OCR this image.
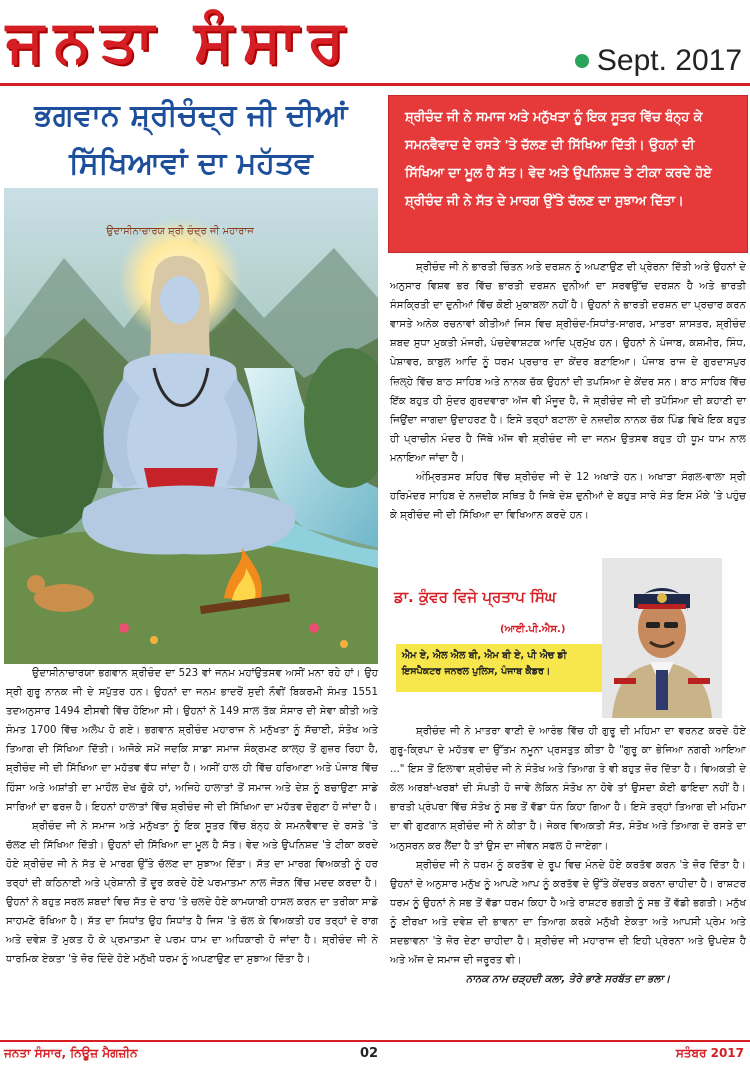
ਜਨਤਾ ਸੰਸਾਰ	Sept. 2017
ਭਗਵਾਨ ਸ਼੍ਰੀਚੰਦ੍ਰ ਜੀ ਦੀਆਂ
ਸਿੱਖਿਆਵਾਂ ਦਾ ਮਹੱਤਵ
ਉਦਾਸੀਨਾਚਾਰਯ ਸ਼੍ਰੀ ਚੰਦ੍ਰ ਜੀ ਮਹਾਰਾਜ
ਸ਼੍ਰੀਚੰਦ ਜੀ ਨੇ ਸਮਾਜ ਅਤੇ ਮਨੁੱਖਤਾ ਨੂੰ ਇਕ ਸੂਤਰ ਵਿੱਚ ਬੰਨ੍ਹ ਕੇ ਸਮਨਵੈਵਾਦ ਦੇ ਰਸਤੇ 'ਤੇ ਚੱਲਣ ਦੀ ਸਿੱਖਿਆ ਦਿੱਤੀ। ਉਹਨਾਂ ਦੀ ਸਿੱਖਿਆ ਦਾ ਮੂਲ ਹੈ ਸੱਤ। ਵੇਦ ਅਤੇ ਉਪਨਿਸ਼ਦ ਤੇ ਟੀਕਾ ਕਰਦੇ ਹੋਏ ਸ਼੍ਰੀਚੰਦ ਜੀ ਨੇ ਸੱਤ ਦੇ ਮਾਰਗ ਉੱਤੇ ਚੱਲਣ ਦਾ ਸੁਝਾਅ ਦਿੱਤਾ।

ਸ਼੍ਰੀਚੰਦ ਜੀ ਨੇ ਭਾਰਤੀ ਚਿੰਤਨ ਅਤੇ ਦਰਸ਼ਨ ਨੂੰ ਅਪਣਾਉਣ ਦੀ ਪ੍ਰੇਰਨਾ ਦਿੱਤੀ ਅਤੇ ਉਹਨਾਂ ਦੇ ਅਨੁਸਾਰ ਵਿਸ਼ਵ ਭਰ ਵਿੱਚ ਭਾਰਤੀ ਦਰਸ਼ਨ ਦੁਨੀਆਂ ਦਾ ਸਰਵਉੱਚ ਦਰਸ਼ਨ ਹੈ ਅਤੇ ਭਾਰਤੀ ਸੰਸਕ੍ਰਿਤੀ ਦਾ ਦੁਨੀਆਂ ਵਿੱਚ ਕੋਈ ਮੁਕਾਬਲਾ ਨਹੀਂ ਹੈ। ਉਹਨਾਂ ਨੇ ਭਾਰਤੀ ਦਰਸ਼ਨ ਦਾ ਪ੍ਰਚਾਰ ਕਰਨ ਵਾਸਤੇ ਅਨੇਕ ਰਚਨਾਵਾਂ ਕੀਤੀਆਂ ਜਿਸ ਵਿਚ ਸ਼੍ਰੀਚੰਦ-ਸਿਧਾਂਤ-ਸਾਗਰ, ਮਾਤਰਾ ਸ਼ਾਸਤਰ, ਸ਼੍ਰੀਚੰਦ ਸ਼ਬਦ ਸੁਧਾ ਮੁਕਤੀ ਮੰਜਰੀ, ਪੰਚਦੇਵਾਸ਼ਟਕ ਆਦਿ ਪ੍ਰਮੁੱਖ ਹਨ। ਉਹਨਾਂ ਨੇ ਪੰਜਾਬ, ਕਸ਼ਮੀਰ, ਸਿੰਧ, ਪੇਸ਼ਾਵਰ, ਕਾਬੁਲ ਆਦਿ ਨੂੰ ਧਰਮ ਪ੍ਰਚਾਰ ਦਾ ਕੇਂਦਰ ਬਣਾਇਆ। ਪੰਜਾਬ ਰਾਜ ਦੇ ਗੁਰਦਾਸਪੁਰ ਜ਼ਿਲ੍ਹੇ ਵਿੱਚ ਬਾਠ ਸਾਹਿਬ ਅਤੇ ਨਾਨਕ ਚੱਕ ਉਹਨਾਂ ਦੀ ਤਪਸਿਆ ਦੇ ਕੇਂਦਰ ਸਨ। ਬਾਠ ਸਾਹਿਬ ਵਿੱਚ ਇੱਕ ਬਹੁਤ ਹੀ ਸੁੰਦਰ ਗੁਰਦਵਾਰਾ ਅੱਜ ਵੀ ਮੌਜੂਦ ਹੈ, ਜੋ ਸ਼੍ਰੀਚੰਦ ਜੀ ਦੀ ਤਪੱਸਿਆ ਦੀ ਕਹਾਣੀ ਦਾ ਜਿਉਂਦਾ ਜਾਗਦਾ ਉਦਾਹਰਣ ਹੈ। ਇਸੇ ਤਰ੍ਹਾਂ ਬਟਾਲਾ ਦੇ ਨਜ਼ਦੀਕ ਨਾਨਕ ਚੱਕ ਪਿੰਡ ਵਿਖੇ ਇਕ ਬਹੁਤ ਹੀ ਪ੍ਰਾਚੀਨ ਮੰਦਰ ਹੈ ਜਿੱਥੇ ਅੱਜ ਵੀ ਸ਼੍ਰੀਚੰਦ ਜੀ ਦਾ ਜਨਮ ਉਤਸਵ ਬਹੁਤ ਹੀ ਧੂਮ ਧਾਮ ਨਾਲ ਮਨਾਇਆ ਜਾਂਦਾ ਹੈ।

ਅੰਮ੍ਰਿਤਸਰ ਸ਼ਹਿਰ ਵਿੱਚ ਸ਼੍ਰੀਚੰਦ ਜੀ ਦੇ 12 ਅਖਾੜੇ ਹਨ। ਅਖਾੜਾ ਸੰਗਲ-ਵਾਲਾ ਸ੍ਰੀ ਹਰਿਮੰਦਰ ਸਾਹਿਬ ਦੇ ਨਜ਼ਦੀਕ ਸਥਿਤ ਹੈ ਜਿਥੇ ਦੇਸ਼ ਦੁਨੀਆਂ ਦੇ ਬਹੁਤ ਸਾਰੇ ਸੰਤ ਇਸ ਮੌਕੇ 'ਤੇ ਪਹੁੰਚ ਕੇ ਸ਼੍ਰੀਚੰਦ ਜੀ ਦੀ ਸਿੱਖਿਆ ਦਾ ਵਿਖਿਆਨ ਕਰਦੇ ਹਨ।

ਡਾ. ਕੁੰਵਰ ਵਿਜੇ ਪ੍ਰਤਾਪ ਸਿੰਘ
(ਆਈ.ਪੀ.ਐਸ.)
ਐਮ ਏ, ਐਲ ਐਲ ਬੀ, ਐਮ ਬੀ ਏ, ਪੀ ਐਚ ਡੀ
ਇਸਪੈਕਟਰ ਜਨਰਲ ਪੁਲਿਸ, ਪੰਜਾਬ ਕੈਡਰ।

ਉਦਾਸੀਨਾਚਾਰਯਾ ਭਗਵਾਨ ਸ਼੍ਰੀਚੰਦ ਦਾ 523 ਵਾਂ ਜਨਮ ਮਹਾਂਉਤਸਵ ਅਸੀਂ ਮਨਾ ਰਹੇ ਹਾਂ। ਉਹ ਸ੍ਰੀ ਗੁਰੂ ਨਾਨਕ ਜੀ ਦੇ ਸਪੁੱਤਰ ਹਨ। ਉਹਨਾਂ ਦਾ ਜਨਮ ਭਾਦਰੋਂ ਸੁਦੀ ਨੌਵੀਂ ਬਿਕਰਮੀ ਸੰਮਤ 1551 ਤਦਅਨੁਸਾਰ 1494 ਈਸਵੀ ਵਿੱਚ ਹੋਇਆ ਸੀ। ਉਹਨਾਂ ਨੇ 149 ਸਾਲ ਤੱਕ ਸੰਸਾਰ ਦੀ ਸੇਵਾ ਕੀਤੀ ਅਤੇ ਸੰਮਤ 1700 ਵਿੱਚ ਅਲੋਪ ਹੋ ਗਏ। ਭਗਵਾਨ ਸ਼੍ਰੀਚੰਦ ਮਹਾਰਾਜ ਨੇ ਮਨੁੱਖਤਾ ਨੂੰ ਸੱਚਾਈ, ਸੰਤੋਖ ਅਤੇ ਤਿਆਗ ਦੀ ਸਿੱਖਿਆ ਦਿੱਤੀ। ਅਜੋਕੇ ਸਮੇਂ ਜਦਕਿ ਸਾਡਾ ਸਮਾਜ ਸੰਕ੍ਰਮਣ ਕਾਲ੍ਹ ਤੋਂ ਗੁਜ਼ਰ ਰਿਹਾ ਹੈ, ਸ਼੍ਰੀਚੰਦ ਜੀ ਦੀ ਸਿੱਖਿਆ ਦਾ ਮਹੱਤਵ ਵੱਧ ਜਾਂਦਾ ਹੈ। ਅਸੀਂ ਹਾਲ ਹੀ ਵਿੱਚ ਹਰਿਆਣਾ ਅਤੇ ਪੰਜਾਬ ਵਿੱਚ ਹਿੰਸਾ ਅਤੇ ਅਸ਼ਾਂਤੀ ਦਾ ਮਾਹੌਲ ਦੇਖ ਚੁੱਕੇ ਹਾਂ, ਅਜਿਹੇ ਹਾਲਾਤਾਂ ਤੋਂ ਸਮਾਜ ਅਤੇ ਦੇਸ਼ ਨੂੰ ਬਚਾਉਣਾ ਸਾਡੇ ਸਾਰਿਆਂ ਦਾ ਫਰਜ਼ ਹੈ। ਇਹਨਾਂ ਹਾਲਾਤਾਂ ਵਿੱਚ ਸ਼੍ਰੀਚੰਦ ਜੀ ਦੀ ਸਿੱਖਿਆ ਦਾ ਮਹੱਤਵ ਦੋਗੁਣਾ ਹੋ ਜਾਂਦਾ ਹੈ।

ਸ਼੍ਰੀਚੰਦ ਜੀ ਨੇ ਸਮਾਜ ਅਤੇ ਮਨੁੱਖਤਾ ਨੂੰ ਇਕ ਸੂਤਰ ਵਿੱਚ ਬੰਨ੍ਹ ਕੇ ਸਮਨਵੈਵਾਦ ਦੇ ਰਸਤੇ 'ਤੇ ਚੱਲਣ ਦੀ ਸਿੱਖਿਆ ਦਿੱਤੀ। ਉਹਨਾਂ ਦੀ ਸਿੱਖਿਆ ਦਾ ਮੂਲ ਹੈ ਸੱਤ। ਵੇਦ ਅਤੇ ਉਪਨਿਸ਼ਦ 'ਤੇ ਟੀਕਾ ਕਰਦੇ ਹੋਏ ਸ਼੍ਰੀਚੰਦ ਜੀ ਨੇ ਸੱਤ ਦੇ ਮਾਰਗ ਉੱਤੇ ਚੱਲਣ ਦਾ ਸੁਝਾਅ ਦਿੱਤਾ। ਸੱਤ ਦਾ ਮਾਰਗ ਵਿਅਕਤੀ ਨੂੰ ਹਰ ਤਰ੍ਹਾਂ ਦੀ ਕਠਿਨਾਈ ਅਤੇ ਪ੍ਰੇਸ਼ਾਨੀ ਤੋਂ ਦੂਰ ਕਰਦੇ ਹੋਏ ਪਰਮਾਤਮਾ ਨਾਲ ਜੋੜਨ ਵਿੱਚ ਮਦਦ ਕਰਦਾ ਹੈ। ਉਹਨਾਂ ਨੇ ਬਹੁਤ ਸਰਲ ਸ਼ਬਦਾਂ ਵਿਚ ਸੱਤ ਦੇ ਰਾਹ 'ਤੇ ਚਲਦੇ ਹੋਏ ਕਾਮਯਾਬੀ ਹਾਸਲ ਕਰਨ ਦਾ ਤਰੀਕਾ ਸਾਡੇ ਸਾਹਮਣੇ ਰੱਖਿਆ ਹੈ। ਸੱਤ ਦਾ ਸਿਧਾਂਤ ਉਹ ਸਿਧਾਂਤ ਹੈ ਜਿਸ 'ਤੇ ਚੱਲ ਕੇ ਵਿਅਕਤੀ ਹਰ ਤਰ੍ਹਾਂ ਦੇ ਰਾਗ ਅਤੇ ਦਵੇਸ਼ ਤੋਂ ਮੁਕਤ ਹੋ ਕੇ ਪ੍ਰਮਾਤਮਾ ਦੇ ਪਰਮ ਧਾਮ ਦਾ ਅਧਿਕਾਰੀ ਹੋ ਜਾਂਦਾ ਹੈ। ਸ਼੍ਰੀਚੰਦ ਜੀ ਨੇ ਧਾਰਮਿਕ ਏਕਤਾ 'ਤੇ ਜ਼ੋਰ ਦਿੰਦੇ ਹੋਏ ਮਨੁੱਖੀ ਧਰਮ ਨੂੰ ਅਪਣਾਉਣ ਦਾ ਸੁਝਾਅ ਦਿੱਤਾ ਹੈ।

ਸ਼੍ਰੀਚੰਦ ਜੀ ਨੇ ਮਾਤਰਾ ਵਾਣੀ ਦੇ ਆਰੰਭ ਵਿੱਚ ਹੀ ਗੁਰੂ ਦੀ ਮਹਿਮਾ ਦਾ ਵਰਨਣ ਕਰਦੇ ਹੋਏ ਗੁਰੂ-ਕ੍ਰਿਪਾ ਦੇ ਮਹੱਤਵ ਦਾ ਉੱਤਮ ਨਮੂਨਾ ਪ੍ਰਸਤੁਤ ਕੀਤਾ ਹੈ "ਗੁਰੂ ਕਾ ਭੇਜਿਆ ਨਗਰੀ ਆਇਆ ..." ਇਸ ਤੋਂ ਇਲਾਵਾ ਸ਼੍ਰੀਚੰਦ ਜੀ ਨੇ ਸੰਤੋਖ ਅਤੇ ਤਿਆਗ ਤੇ ਵੀ ਬਹੁਤ ਜ਼ੋਰ ਦਿੱਤਾ ਹੈ। ਵਿਅਕਤੀ ਦੇ ਕੋਲ ਅਰਬਾਂ-ਖਰਬਾਂ ਦੀ ਸੰਪਤੀ ਹੋ ਜਾਵੇ ਲੇਕਿਨ ਸੰਤੋਖ ਨਾ ਹੋਵੇ ਤਾਂ ਉਸਦਾ ਕੋਈ ਫਾਇਦਾ ਨਹੀਂ ਹੈ। ਭਾਰਤੀ ਪ੍ਰੰਪਰਾ ਵਿੱਚ ਸੰਤੋਖ ਨੂੰ ਸਭ ਤੋਂ ਵੱਡਾ ਧੰਨ ਕਿਹਾ ਗਿਆ ਹੈ। ਇਸੇ ਤਰ੍ਹਾਂ ਤਿਆਗ ਦੀ ਮਹਿਮਾ ਦਾ ਵੀ ਗੁਣਗਾਨ ਸ਼੍ਰੀਚੰਦ ਜੀ ਨੇ ਕੀਤਾ ਹੈ। ਜੇਕਰ ਵਿਅਕਤੀ ਸੱਤ, ਸੰਤੋਖ ਅਤੇ ਤਿਆਗ ਦੇ ਰਸਤੇ ਦਾ ਅਨੁਸਰਨ ਕਰ ਲੈਂਦਾ ਹੈ ਤਾਂ ਉਸ ਦਾ ਜੀਵਨ ਸਫਲ ਹੋ ਜਾਏਗਾ।

ਸ਼੍ਰੀਚੰਦ ਜੀ ਨੇ ਧਰਮ ਨੂੰ ਕਰਤੱਵ ਦੇ ਰੂਪ ਵਿਚ ਮੰਨਦੇ ਹੋਏ ਕਰਤੱਵ ਕਰਨ 'ਤੇ ਜ਼ੋਰ ਦਿੱਤਾ ਹੈ। ਉਹਨਾਂ ਦੇ ਅਨੁਸਾਰ ਮਨੁੱਖ ਨੂੰ ਆਪਣੇ ਆਪ ਨੂੰ ਕਰਤੱਵ ਦੇ ਉੱਤੇ ਕੇਂਦਰਤ ਕਰਨਾ ਚਾਹੀਦਾ ਹੈ। ਰਾਸ਼ਟਰ ਧਰਮ ਨੂੰ ਉਹਨਾਂ ਨੇ ਸਭ ਤੋਂ ਵੱਡਾ ਧਰਮ ਕਿਹਾ ਹੈ ਅਤੇ ਰਾਸ਼ਟਰ ਭਗਤੀ ਨੂੰ ਸਭ ਤੋਂ ਵੱਡੀ ਭਗਤੀ। ਮਨੁੱਖ ਨੂੰ ਈਰਖਾ ਅਤੇ ਦਵੇਸ਼ ਦੀ ਭਾਵਨਾ ਦਾ ਤਿਆਗ ਕਰਕੇ ਮਨੁੱਖੀ ਏਕਤਾ ਅਤੇ ਆਪਸੀ ਪ੍ਰੇਮ ਅਤੇ ਸਦਭਾਵਨਾ 'ਤੇ ਜ਼ੋਰ ਦੇਣਾ ਚਾਹੀਦਾ ਹੈ। ਸ਼੍ਰੀਚੰਦ ਜੀ ਮਹਾਰਾਜ ਦੀ ਇਹੀ ਪ੍ਰੇਰਨਾ ਅਤੇ ਉਪਦੇਸ਼ ਹੈ ਅਤੇ ਅੱਜ ਦੇ ਸਮਾਜ ਦੀ ਜਰੂਰਤ ਵੀ।

ਨਾਨਕ ਨਾਮ ਚੜ੍ਹਦੀ ਕਲਾ, ਤੇਰੇ ਭਾਣੇ ਸਰਬੱਤ ਦਾ ਭਲਾ।

ਜਨਤਾ ਸੰਸਾਰ, ਨਿਊਜ਼ ਮੈਗਜ਼ੀਨ	02	ਸਤੰਬਰ 2017
